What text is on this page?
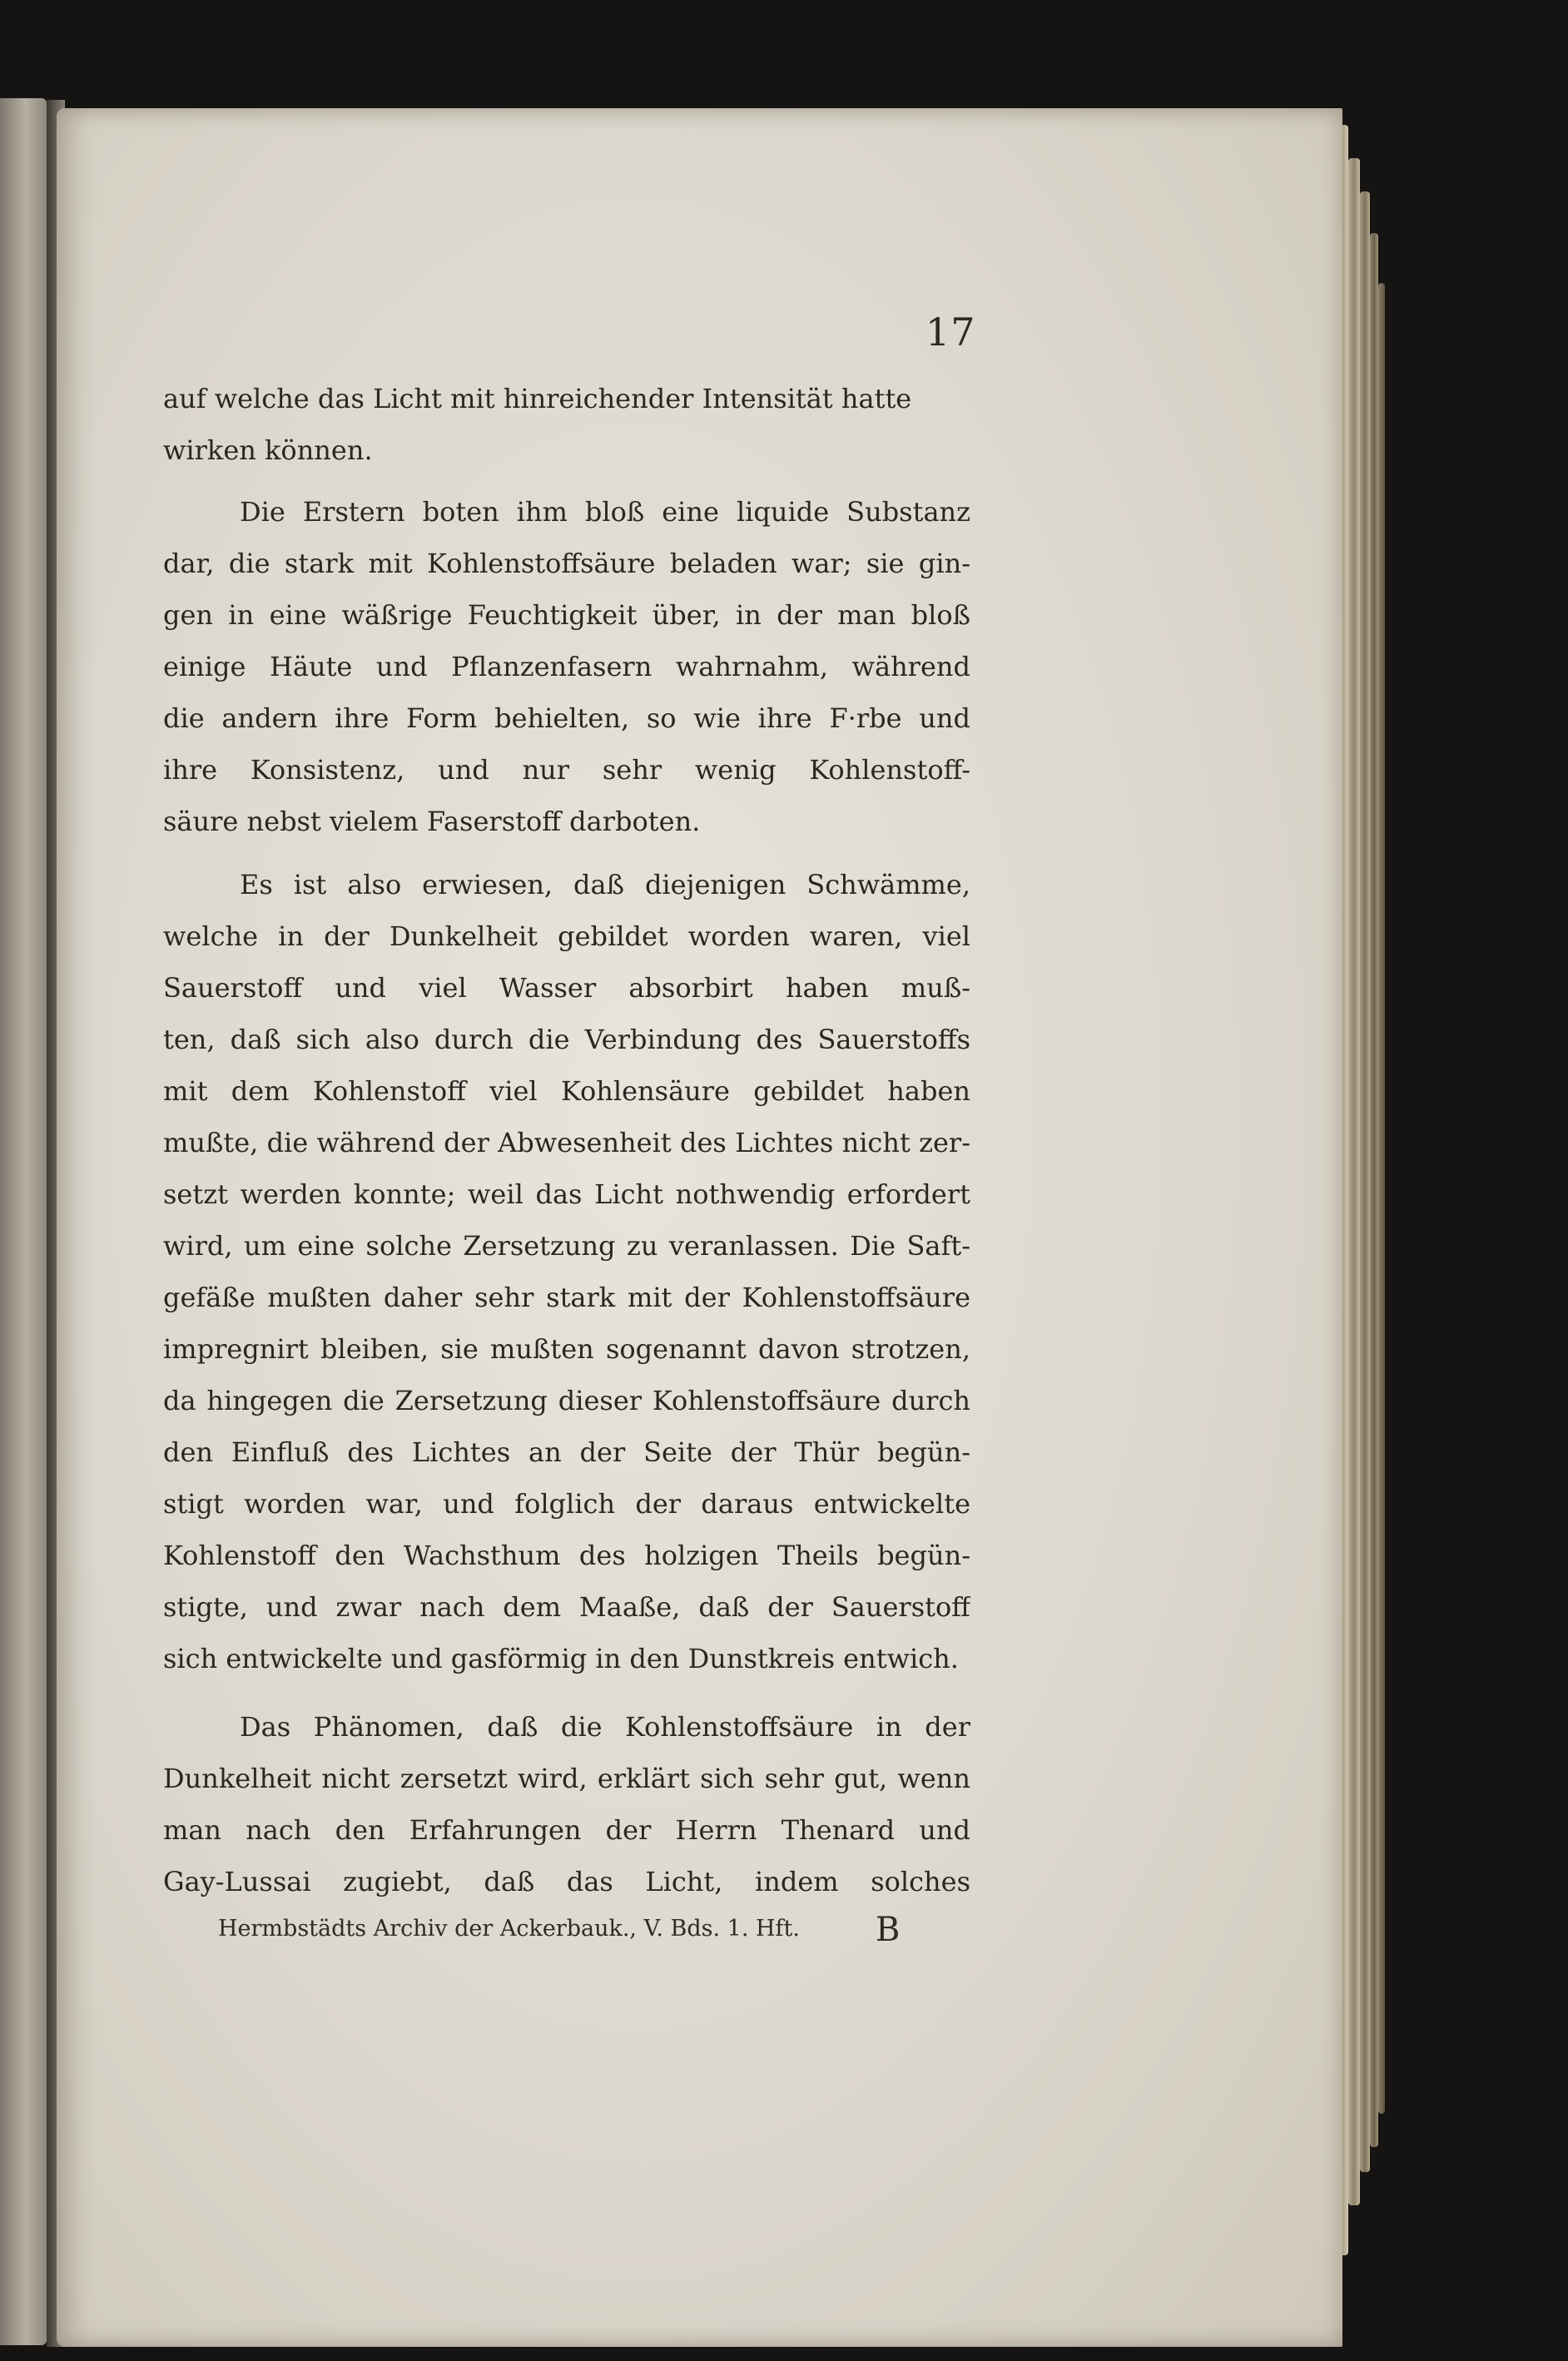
17
auf welche das Licht mit hinreichender Intensität hatte
wirken können.
Die Erstern boten ihm bloß eine liquide Substanz
dar, die stark mit Kohlenstoffsäure beladen war; sie gin-
gen in eine wäßrige Feuchtigkeit über, in der man bloß
einige Häute und Pflanzenfasern wahrnahm, während
die andern ihre Form behielten, so wie ihre F·rbe und
ihre Konsistenz, und nur sehr wenig Kohlenstoff-
säure nebst vielem Faserstoff darboten.
Es ist also erwiesen, daß diejenigen Schwämme,
welche in der Dunkelheit gebildet worden waren, viel
Sauerstoff und viel Wasser absorbirt haben muß-
ten, daß sich also durch die Verbindung des Sauerstoffs
mit dem Kohlenstoff viel Kohlensäure gebildet haben
mußte, die während der Abwesenheit des Lichtes nicht zer-
setzt werden konnte; weil das Licht nothwendig erfordert
wird, um eine solche Zersetzung zu veranlassen. Die Saft-
gefäße mußten daher sehr stark mit der Kohlenstoffsäure
impregnirt bleiben, sie mußten sogenannt davon strotzen,
da hingegen die Zersetzung dieser Kohlenstoffsäure durch
den Einfluß des Lichtes an der Seite der Thür begün-
stigt worden war, und folglich der daraus entwickelte
Kohlenstoff den Wachsthum des holzigen Theils begün-
stigte, und zwar nach dem Maaße, daß der Sauerstoff
sich entwickelte und gasförmig in den Dunstkreis entwich.
Das Phänomen, daß die Kohlenstoffsäure in der
Dunkelheit nicht zersetzt wird, erklärt sich sehr gut, wenn
man nach den Erfahrungen der Herrn Thenard und
Gay-Lussai zugiebt, daß das Licht, indem solches
Hermbstädts Archiv der Ackerbauk., V. Bds. 1. Hft. B
